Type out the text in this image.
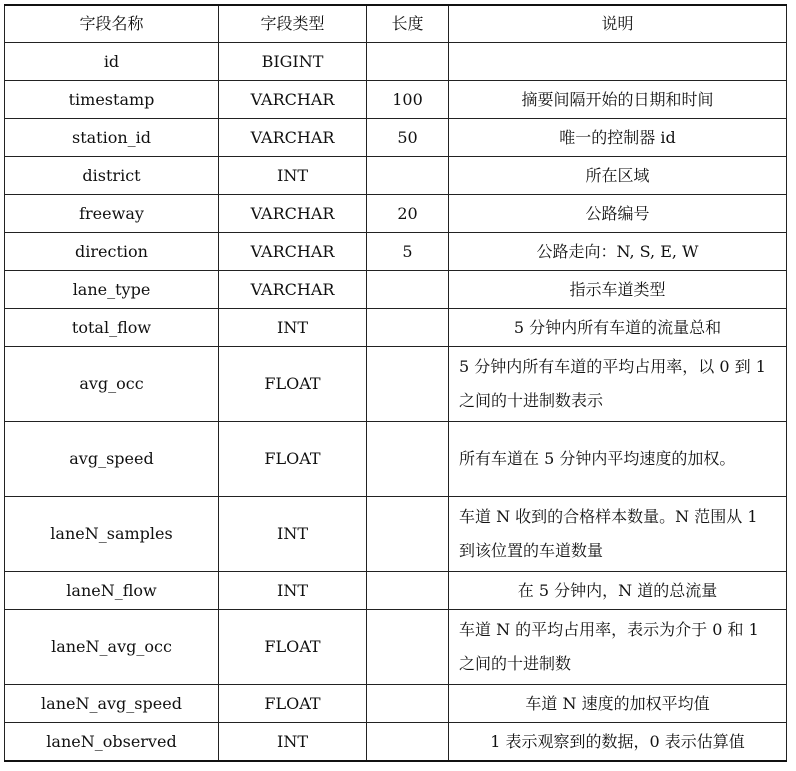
字段名称	字段类型	长度	说明
id	BIGINT		
timestamp	VARCHAR	100	摘要间隔开始的日期和时间
station_id	VARCHAR	50	唯一的控制器 id
district	INT		所在区域
freeway	VARCHAR	20	公路编号
direction	VARCHAR	5	公路走向：N, S, E, W
lane_type	VARCHAR		指示车道类型
total_flow	INT		5 分钟内所有车道的流量总和
avg_occ	FLOAT		5 分钟内所有车道的平均占用率，以 0 到 1 之间的十进制数表示
avg_speed	FLOAT		所有车道在 5 分钟内平均速度的加权。
laneN_samples	INT		车道 N 收到的合格样本数量。N 范围从 1 到该位置的车道数量
laneN_flow	INT		在 5 分钟内，N 道的总流量
laneN_avg_occ	FLOAT		车道 N 的平均占用率，表示为介于 0 和 1 之间的十进制数
laneN_avg_speed	FLOAT		车道 N 速度的加权平均值
laneN_observed	INT		1 表示观察到的数据，0 表示估算值
